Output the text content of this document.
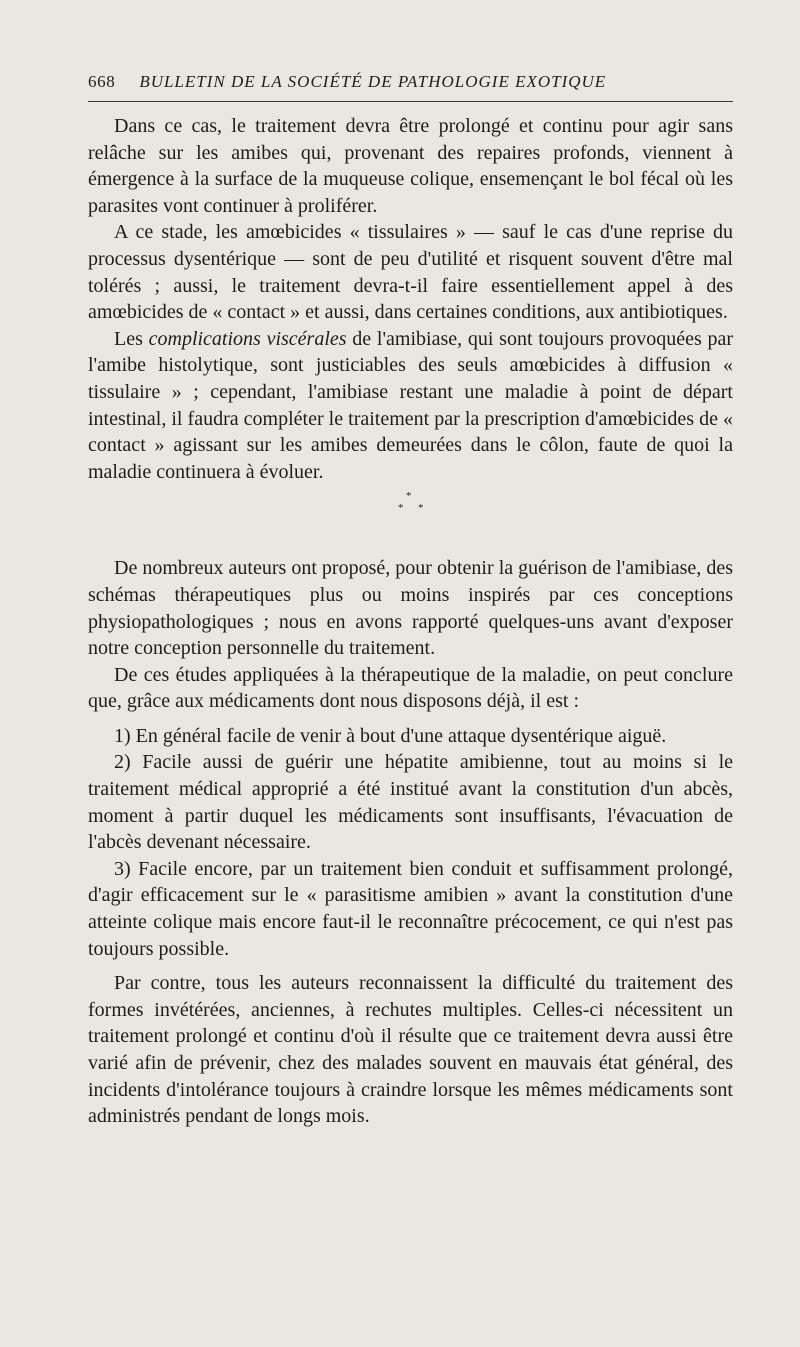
668 BULLETIN DE LA SOCIÉTÉ DE PATHOLOGIE EXOTIQUE

Dans ce cas, le traitement devra être prolongé et continu pour agir sans relâche sur les amibes qui, provenant des repaires profonds, viennent à émergence à la surface de la muqueuse colique, ensemençant le bol fécal où les parasites vont continuer à proliférer.

A ce stade, les amœbicides « tissulaires » — sauf le cas d'une reprise du processus dysentérique — sont de peu d'utilité et risquent souvent d'être mal tolérés ; aussi, le traitement devra-t-il faire essentiellement appel à des amœbicides de « contact » et aussi, dans certaines conditions, aux antibiotiques.

Les complications viscérales de l'amibiase, qui sont toujours provoquées par l'amibe histolytique, sont justiciables des seuls amœbicides à diffusion « tissulaire » ; cependant, l'amibiase restant une maladie à point de départ intestinal, il faudra compléter le traitement par la prescription d'amœbicides de « contact » agissant sur les amibes demeurées dans le côlon, faute de quoi la maladie continuera à évoluer.

*
* *

De nombreux auteurs ont proposé, pour obtenir la guérison de l'amibiase, des schémas thérapeutiques plus ou moins inspirés par ces conceptions physiopathologiques ; nous en avons rapporté quelques-uns avant d'exposer notre conception personnelle du traitement.

De ces études appliquées à la thérapeutique de la maladie, on peut conclure que, grâce aux médicaments dont nous disposons déjà, il est :

1) En général facile de venir à bout d'une attaque dysentérique aiguë.

2) Facile aussi de guérir une hépatite amibienne, tout au moins si le traitement médical approprié a été institué avant la constitution d'un abcès, moment à partir duquel les médicaments sont insuffisants, l'évacuation de l'abcès devenant nécessaire.

3) Facile encore, par un traitement bien conduit et suffisamment prolongé, d'agir efficacement sur le « parasitisme amibien » avant la constitution d'une atteinte colique mais encore faut-il le reconnaître précocement, ce qui n'est pas toujours possible.

Par contre, tous les auteurs reconnaissent la difficulté du traitement des formes invétérées, anciennes, à rechutes multiples. Celles-ci nécessitent un traitement prolongé et continu d'où il résulte que ce traitement devra aussi être varié afin de prévenir, chez des malades souvent en mauvais état général, des incidents d'intolérance toujours à craindre lorsque les mêmes médicaments sont administrés pendant de longs mois.
